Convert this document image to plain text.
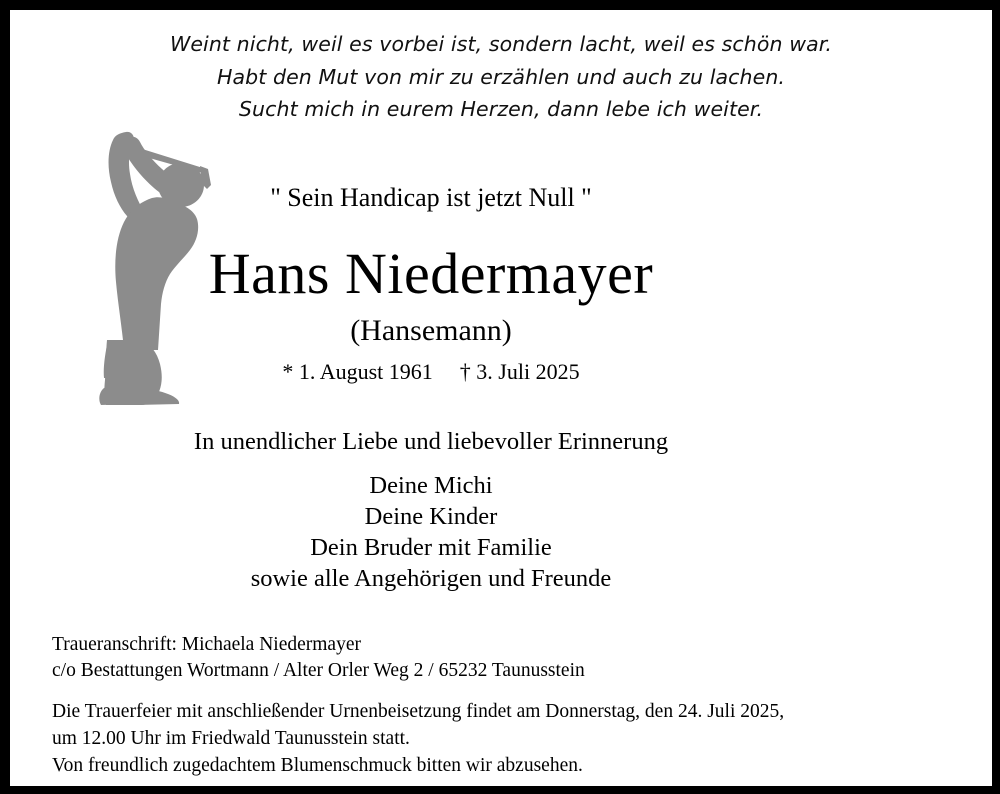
Weint nicht, weil es vorbei ist, sondern lacht, weil es schön war.
Habt den Mut von mir zu erzählen und auch zu lachen.
Sucht mich in eurem Herzen, dann lebe ich weiter.
" Sein Handicap ist jetzt Null "
Hans Niedermayer
(Hansemann)
* 1. August 1961 † 3. Juli 2025
In unendlicher Liebe und liebevoller Erinnerung
Deine Michi
Deine Kinder
Dein Bruder mit Familie
sowie alle Angehörigen und Freunde
Traueranschrift: Michaela Niedermayer
c/o Bestattungen Wortmann / Alter Orler Weg 2 / 65232 Taunusstein
Die Trauerfeier mit anschließender Urnenbeisetzung findet am Donnerstag, den 24. Juli 2025,
um 12.00 Uhr im Friedwald Taunusstein statt.
Von freundlich zugedachtem Blumenschmuck bitten wir abzusehen.
